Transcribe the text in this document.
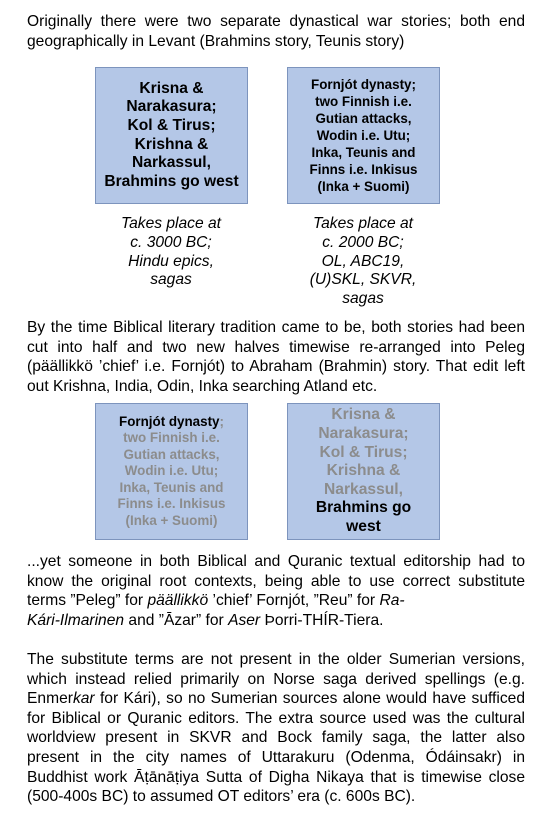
Originally there were two separate dynastical war stories; both end geographically in Levant (Brahmins story, Teunis story)

Krisna &
Narakasura;
Kol & Tirus;
Krishna &
Narkassul,
Brahmins go west
Fornjót dynasty;
two Finnish i.e.
Gutian attacks,
Wodin i.e. Utu;
Inka, Teunis and
Finns i.e. Inkisus
(Inka + Suomi)
Takes place at
c. 3000 BC;
Hindu epics,
sagas
Takes place at
c. 2000 BC;
OL, ABC19,
(U)SKL, SKVR,
sagas

By the time Biblical literary tradition came to be, both stories had been cut into half and two new halves timewise re-arranged into Peleg (päällikkö ’chief’ i.e. Fornjót) to Abraham (Brahmin) story. That edit left out Krishna, India, Odin, Inka searching Atland etc.

Fornjót dynasty;
two Finnish i.e.
Gutian attacks,
Wodin i.e. Utu;
Inka, Teunis and
Finns i.e. Inkisus
(Inka + Suomi)
Krisna &
Narakasura;
Kol & Tirus;
Krishna &
Narkassul,
Brahmins go
west

...yet someone in both Biblical and Quranic textual editorship had to know the original root contexts, being able to use correct substitute terms ”Peleg” for päällikkö ’chief’ Fornjót, ”Reu” for Ra-
Kári-Ilmarinen and ”Āzar” for Aser Þorri-THÍR-Tiera.

The substitute terms are not present in the older Sumerian versions, which instead relied primarily on Norse saga derived spellings (e.g. Enmerkar for Kári), so no Sumerian sources alone would have sufficed for Biblical or Quranic editors. The extra source used was the cultural worldview present in SKVR and Bock family saga, the latter also present in the city names of Uttarakuru (Odenma, Ódáinsakr) in Buddhist work Āṭānāṭiya Sutta of Digha Nikaya that is timewise close (500-400s BC) to assumed OT editors’ era (c. 600s BC).
